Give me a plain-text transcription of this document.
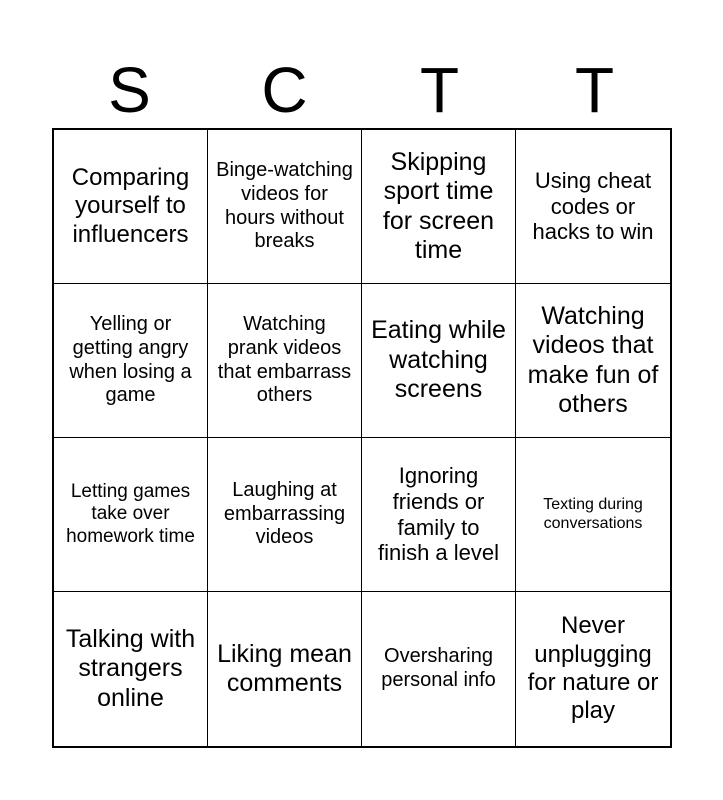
S	C	T	T
Comparing yourself to influencers
Binge-watching videos for hours without breaks
Skipping sport time for screen time
Using cheat codes or hacks to win
Yelling or getting angry when losing a game
Watching prank videos that embarrass others
Eating while watching screens
Watching videos that make fun of others
Letting games take over homework time
Laughing at embarrassing videos
Ignoring friends or family to finish a level
Texting during conversations
Talking with strangers online
Liking mean comments
Oversharing personal info
Never unplugging for nature or play
